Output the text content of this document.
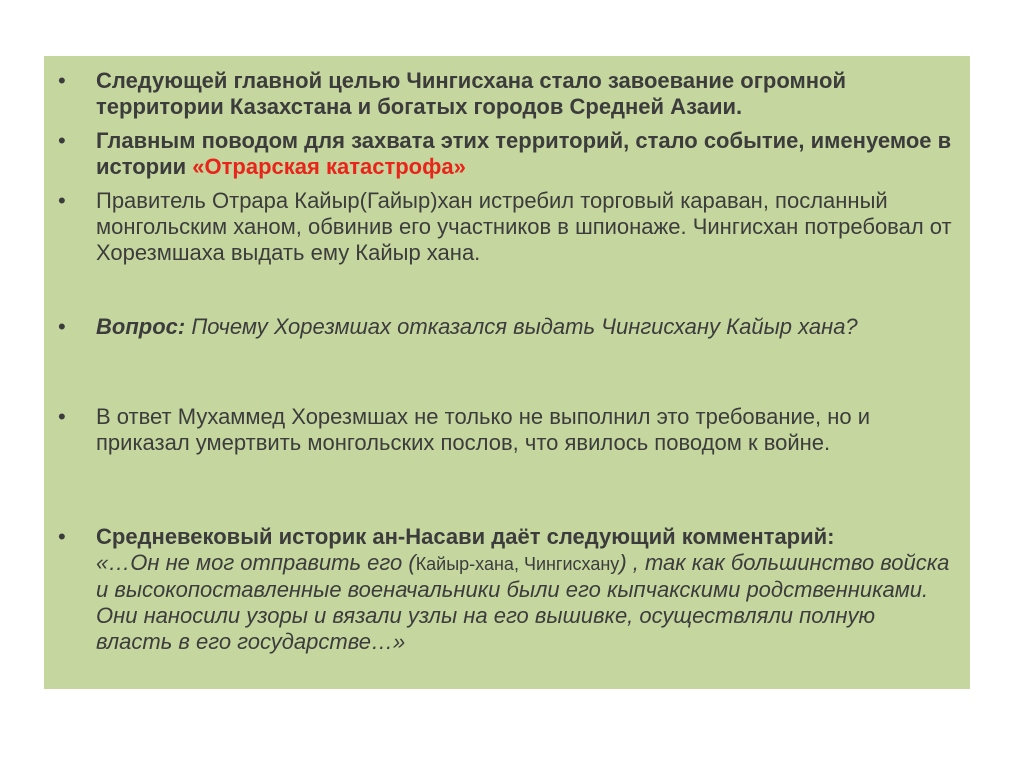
• Следующей главной целью Чингисхана стало завоевание огромной территории Казахстана и богатых городов Средней Азаии.
• Главным поводом для захвата этих территорий, стало событие, именуемое в истории «Отрарская катастрофа»
• Правитель Отрара Кайыр(Гайыр)хан истребил торговый караван, посланный монгольским ханом, обвинив его участников в шпионаже. Чингисхан потребовал от Хорезмшаха выдать ему Кайыр хана.
• Вопрос: Почему Хорезмшах отказался выдать Чингисхану Кайыр хана?
• В ответ Мухаммед Хорезмшах не только не выполнил это требование, но и приказал умертвить монгольских послов, что явилось поводом к войне.
• Средневековый историк ан-Насави даёт следующий комментарий:
«…Он не мог отправить его (Кайыр-хана, Чингисхану) , так как большинство войска и высокопоставленные военачальники были его кыпчакскими родственниками. Они наносили узоры и вязали узлы на его вышивке, осуществляли полную власть в его государстве…»
